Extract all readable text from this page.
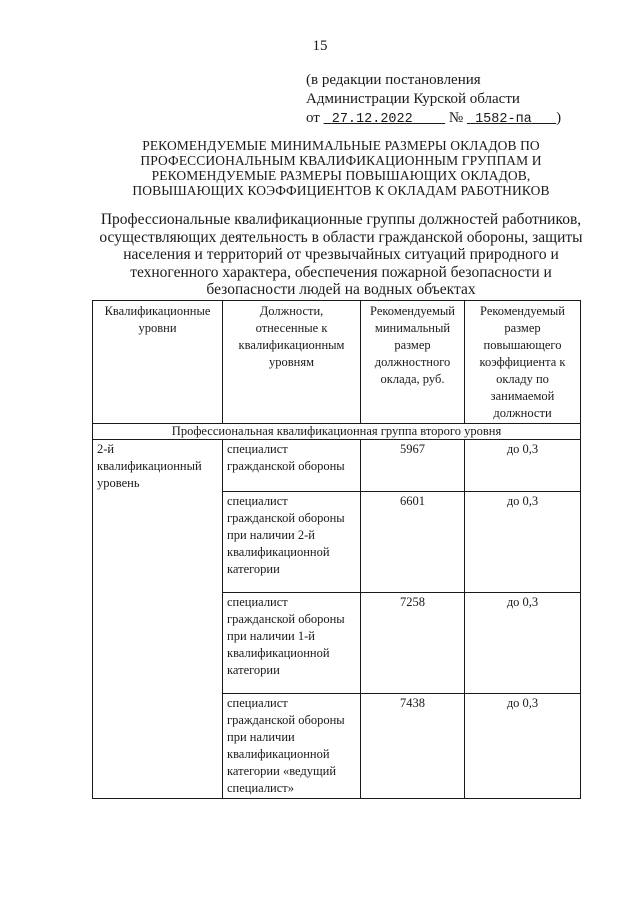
15
(в редакции постановления
Администрации Курской области
от 27.12.2022 № 1582-па )
РЕКОМЕНДУЕМЫЕ МИНИМАЛЬНЫЕ РАЗМЕРЫ ОКЛАДОВ ПО ПРОФЕССИОНАЛЬНЫМ КВАЛИФИКАЦИОННЫМ ГРУППАМ И РЕКОМЕНДУЕМЫЕ РАЗМЕРЫ ПОВЫШАЮЩИХ ОКЛАДОВ, ПОВЫШАЮЩИХ КОЭФФИЦИЕНТОВ К ОКЛАДАМ РАБОТНИКОВ
Профессиональные квалификационные группы должностей работников, осуществляющих деятельность в области гражданской обороны, защиты населения и территорий от чрезвычайных ситуаций природного и техногенного характера, обеспечения пожарной безопасности и безопасности людей на водных объектах
Квалификационные уровни	Должности, отнесенные к квалификационным уровням	Рекомендуемый минимальный размер должностного оклада, руб.	Рекомендуемый размер повышающего коэффициента к окладу по занимаемой должности
Профессиональная квалификационная группа второго уровня			
2-й квалификационный уровень	специалист гражданской обороны	5967	до 0,3
	специалист гражданской обороны при наличии 2-й квалификационной категории	6601	до 0,3
	специалист гражданской обороны при наличии 1-й квалификационной категории	7258	до 0,3
	специалист гражданской обороны при наличии квалификационной категории «ведущий специалист»	7438	до 0,3
